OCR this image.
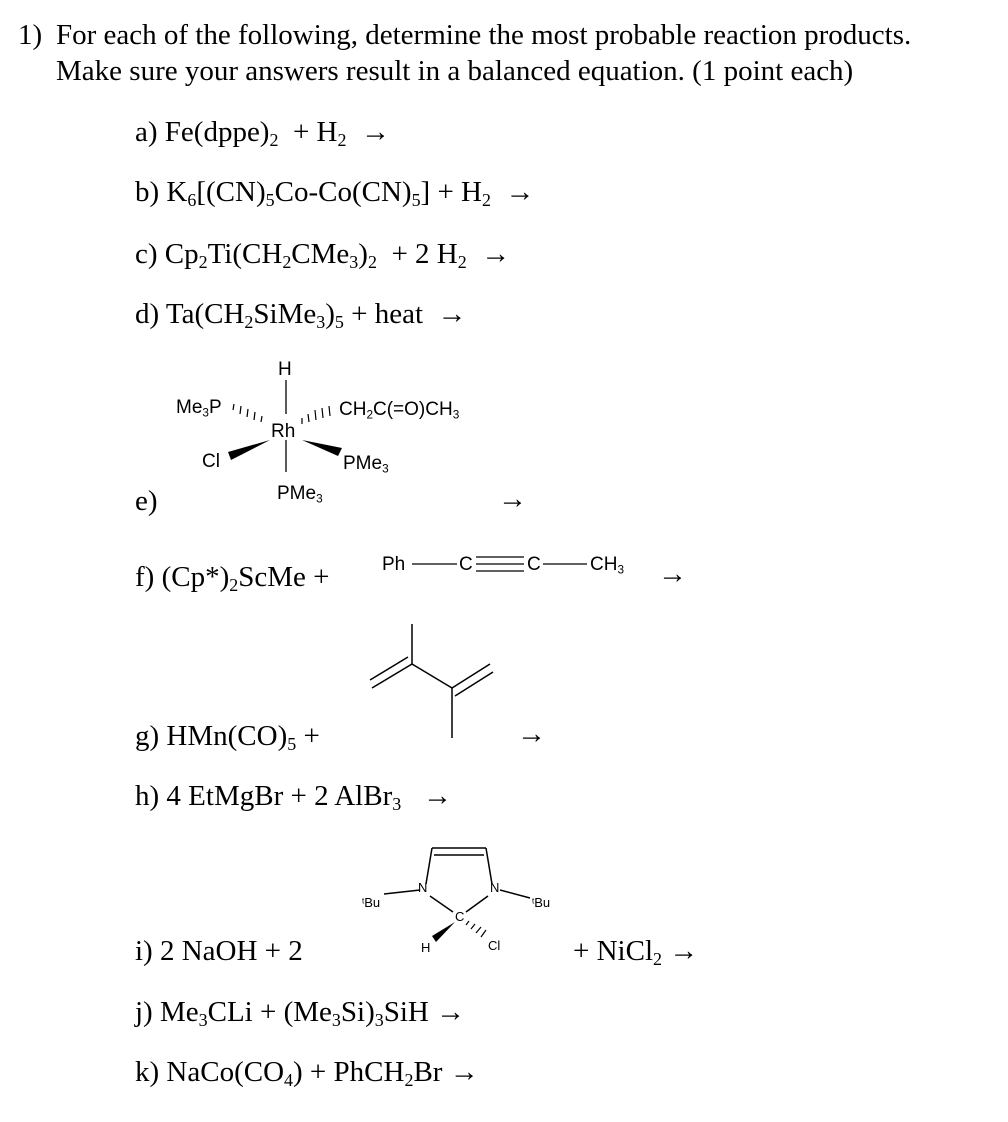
1) For each of the following, determine the most probable reaction products.
Make sure your answers result in a balanced equation. (1 point each)
a) $Fe(dppe)_2 + H_2$ →
b) $K_6[(CN)_5Co-Co(CN)_5] + H_2$ →
c) $Cp_2Ti(CH_2CMe_3)_2 + 2$ $H_2$ →
d) $Ta(CH_2SiMe_3)_5$ + heat →
e)
H
$Me_3P$
Rh
$CH_2C(=O)CH_3$
Cl	PMe$_3$
PMe$_3$	→
f) $(Cp*)_2ScMe$ +	Ph	C	C	$CH_3$ →
g) $HMn(CO)_5$ +	→
h) 4 EtMgBr + 2 AlBr$_3$ →
$^t$Bu
N	N
$^t$Bu
C
H	Cl
i) 2 NaOH + 2	+ NiCl$_2$ →
j) $Me_3CLi + (Me_3Si)_3SiH$ →
k) $NaCo(CO_4)$ + PhCH$_2$Br →
